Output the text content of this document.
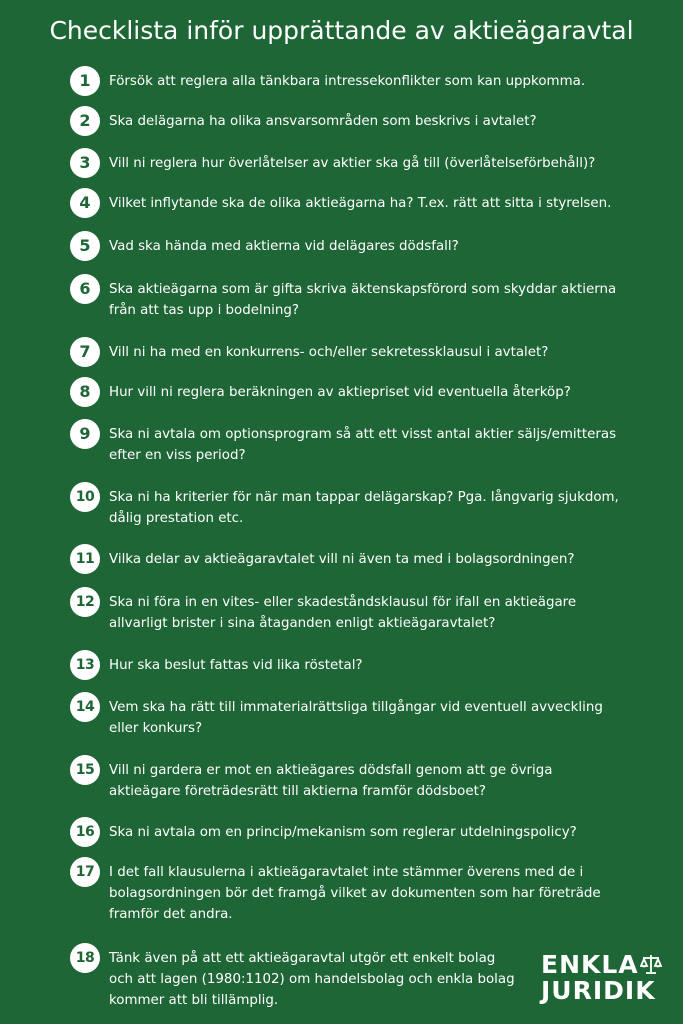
Checklista inför upprättande av aktieägaravtal
1	Försök att reglera alla tänkbara intressekonflikter som kan uppkomma.
2	Ska delägarna ha olika ansvarsområden som beskrivs i avtalet?
3	Vill ni reglera hur överlåtelser av aktier ska gå till (överlåtelseförbehåll)?
4	Vilket inflytande ska de olika aktieägarna ha? T.ex. rätt att sitta i styrelsen.
5	Vad ska hända med aktierna vid delägares dödsfall?
6	Ska aktieägarna som är gifta skriva äktenskapsförord som skyddar aktierna
från att tas upp i bodelning?
7	Vill ni ha med en konkurrens- och/eller sekretessklausul i avtalet?
8	Hur vill ni reglera beräkningen av aktiepriset vid eventuella återköp?
9	Ska ni avtala om optionsprogram så att ett visst antal aktier säljs/emitteras
efter en viss period?
10	Ska ni ha kriterier för när man tappar delägarskap? Pga. långvarig sjukdom,
dålig prestation etc.
11	Vilka delar av aktieägaravtalet vill ni även ta med i bolagsordningen?
12	Ska ni föra in en vites- eller skadeståndsklausul för ifall en aktieägare
allvarligt brister i sina åtaganden enligt aktieägaravtalet?
13	Hur ska beslut fattas vid lika röstetal?
14	Vem ska ha rätt till immaterialrättsliga tillgångar vid eventuell avveckling
eller konkurs?
15	Vill ni gardera er mot en aktieägares dödsfall genom att ge övriga
aktieägare företrädesrätt till aktierna framför dödsboet?
16	Ska ni avtala om en princip/mekanism som reglerar utdelningspolicy?
17	I det fall klausulerna i aktieägaravtalet inte stämmer överens med de i
bolagsordningen bör det framgå vilket av dokumenten som har företräde
framför det andra.
18	Tänk även på att ett aktieägaravtal utgör ett enkelt bolag
och att lagen (1980:1102) om handelsbolag och enkla bolag
kommer att bli tillämplig.
ENKLA
JURIDIK
